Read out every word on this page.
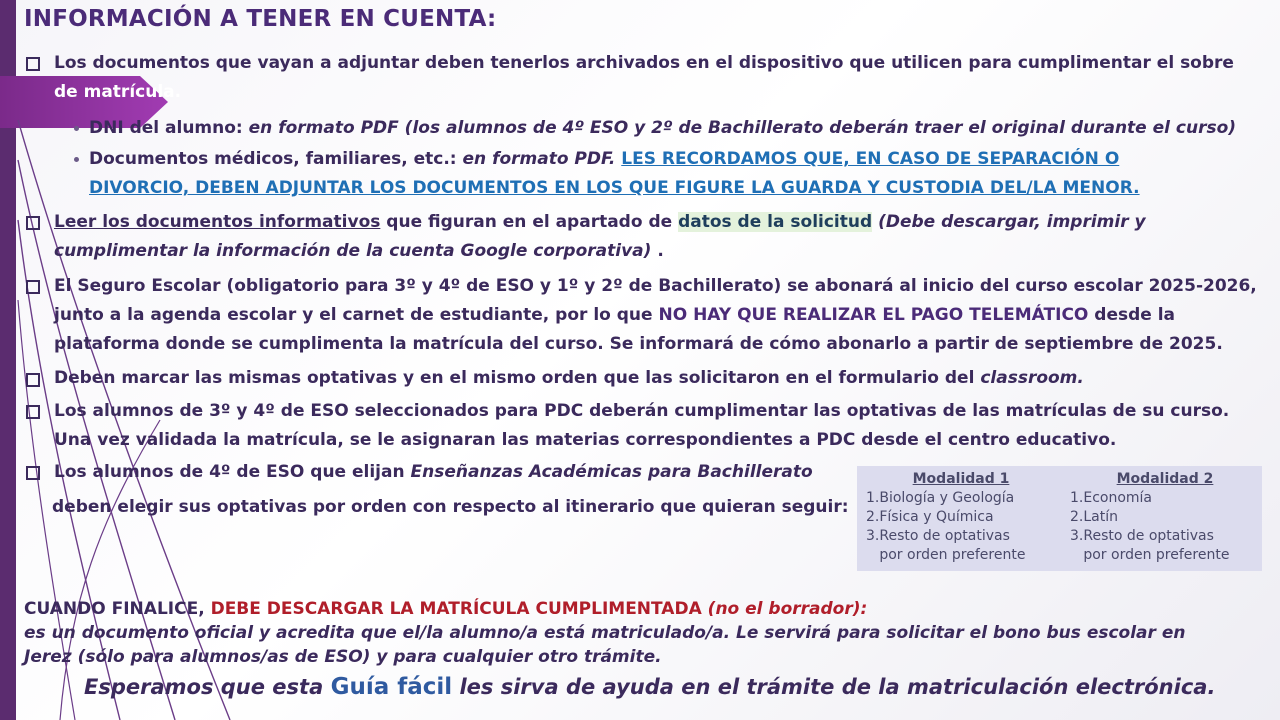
INFORMACIÓN A TENER EN CUENTA:
Los documentos que vayan a adjuntar deben tenerlos archivados en el dispositivo que utilicen para cumplimentar el sobre
de matrícula.
DNI del alumno: en formato PDF (los alumnos de 4º ESO y 2º de Bachillerato deberán traer el original durante el curso)
Documentos médicos, familiares, etc.: en formato PDF. LES RECORDAMOS QUE, EN CASO DE SEPARACIÓN O
DIVORCIO, DEBEN ADJUNTAR LOS DOCUMENTOS EN LOS QUE FIGURE LA GUARDA Y CUSTODIA DEL/LA MENOR.
Leer los documentos informativos que figuran en el apartado de datos de la solicitud (Debe descargar, imprimir y
cumplimentar la información de la cuenta Google corporativa) .
El Seguro Escolar (obligatorio para 3º y 4º de ESO y 1º y 2º de Bachillerato) se abonará al inicio del curso escolar 2025-2026,
junto a la agenda escolar y el carnet de estudiante, por lo que NO HAY QUE REALIZAR EL PAGO TELEMÁTICO desde la
plataforma donde se cumplimenta la matrícula del curso. Se informará de cómo abonarlo a partir de septiembre de 2025.
Deben marcar las mismas optativas y en el mismo orden que las solicitaron en el formulario del classroom.
Los alumnos de 3º y 4º de ESO seleccionados para PDC deberán cumplimentar las optativas de las matrículas de su curso.
Una vez validada la matrícula, se le asignaran las materias correspondientes a PDC desde el centro educativo.
Los alumnos de 4º de ESO que elijan Enseñanzas Académicas para Bachillerato
deben elegir sus optativas por orden con respecto al itinerario que quieran seguir:
Modalidad 1
1.Biología y Geología
2.Física y Química
3.Resto de optativas
por orden preferente
Modalidad 2
1.Economía
2.Latín
3.Resto de optativas
por orden preferente
CUANDO FINALICE, DEBE DESCARGAR LA MATRÍCULA CUMPLIMENTADA (no el borrador):
es un documento oficial y acredita que el/la alumno/a está matriculado/a. Le servirá para solicitar el bono bus escolar en
Jerez (sólo para alumnos/as de ESO) y para cualquier otro trámite.
Esperamos que esta Guía fácil les sirva de ayuda en el trámite de la matriculación electrónica.
